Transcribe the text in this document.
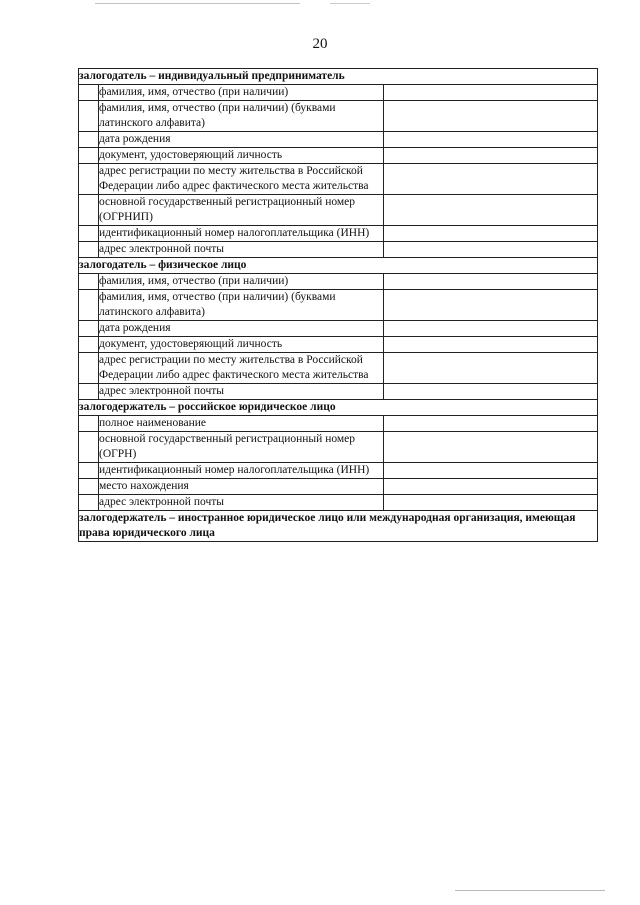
20
залогодатель – индивидуальный предприниматель		
	фамилия, имя, отчество (при наличии)	
	фамилия, имя, отчество (при наличии) (буквами латинского алфавита)	
	дата рождения	
	документ, удостоверяющий личность	
	адрес регистрации по месту жительства в Российской Федерации либо адрес фактического места жительства	
	основной государственный регистрационный номер (ОГРНИП)	
	идентификационный номер налогоплательщика (ИНН)	
	адрес электронной почты	
залогодатель – физическое лицо		
	фамилия, имя, отчество (при наличии)	
	фамилия, имя, отчество (при наличии) (буквами латинского алфавита)	
	дата рождения	
	документ, удостоверяющий личность	
	адрес регистрации по месту жительства в Российской Федерации либо адрес фактического места жительства	
	адрес электронной почты	
залогодержатель – российское юридическое лицо		
	полное наименование	
	основной государственный регистрационный номер (ОГРН)	
	идентификационный номер налогоплательщика (ИНН)	
	место нахождения	
	адрес электронной почты	
залогодержатель – иностранное юридическое лицо или международная организация, имеющая права юридического лица		
